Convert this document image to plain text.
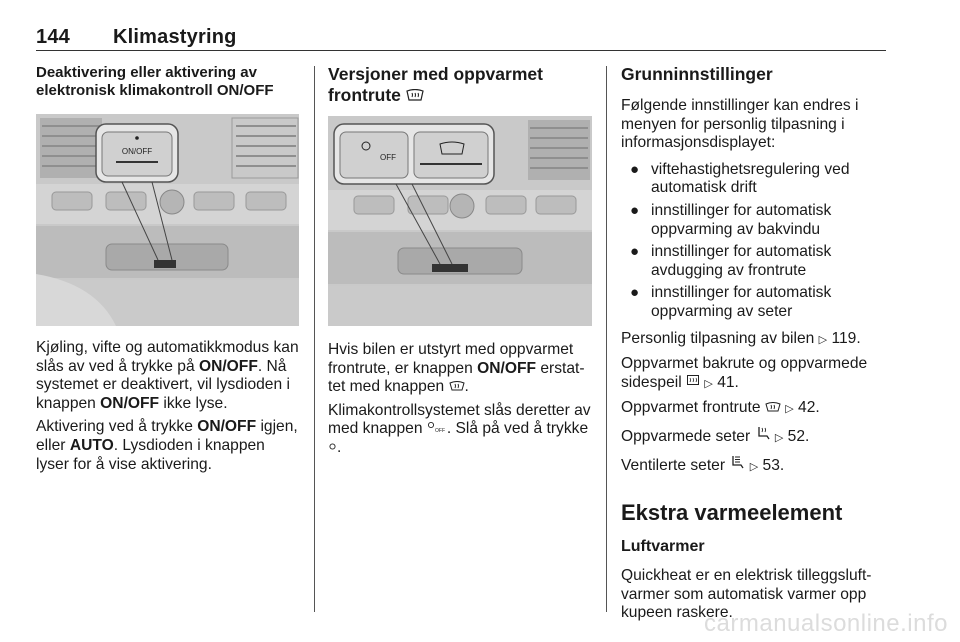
144 Klimastyring
Deaktivering eller aktivering av elektronisk klimakontroll ON/OFF
ON/OFF

Kjøling, vifte og automatikkmodus kan slås av ved å trykke på ON/OFF. Nå systemet er deaktivert, vil lysdioden i knappen ON/OFF ikke lyse.

Aktivering ved å trykke ON/OFF igjen, eller AUTO. Lysdioden i knappen lyser for å vise aktivering.

Versjoner med oppvarmet frontrute
OFF

Hvis bilen er utstyrt med oppvarmet frontrute, er knappen ON/OFF erstattet med knappen .

Klimakontrollsystemet slås deretter av med knappen OFF . Slå på ved å trykke .

Grunninnstillinger

Følgende innstillinger kan endres i menyen for personlig tilpasning i informasjonsdisplayet:

● viftehastighetsregulering ved automatisk drift
● innstillinger for automatisk oppvarming av bakvindu
● innstillinger for automatisk avdugging av frontrute
● innstillinger for automatisk oppvarming av seter

Personlig tilpasning av bilen ▷ 119.

Oppvarmet bakrute og oppvarmede
sidespeil ▷ 41.

Oppvarmet frontrute ▷ 42.

Oppvarmede seter ▷ 52.

Ventilerte seter ▷ 53.

Ekstra varmeelement
Luftvarmer

Quickheat er en elektrisk tilleggsluftvarmer som automatisk varmer opp kupeen raskere.

carmanualsonline.info
